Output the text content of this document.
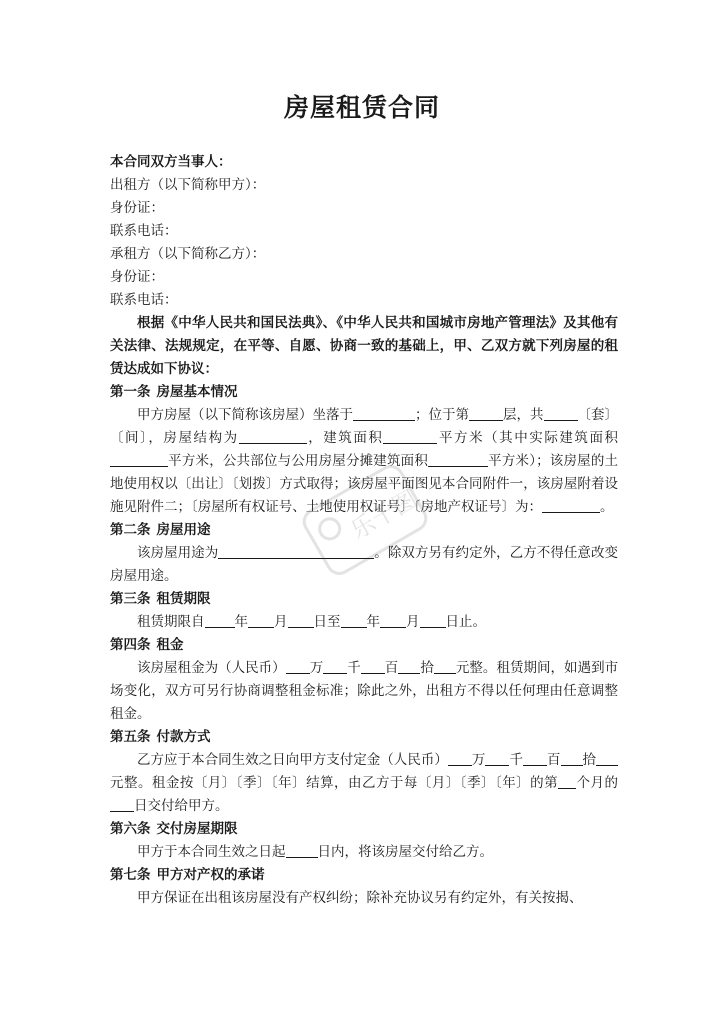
房屋租赁合同
本合同双方当事人：
出租方（以下简称甲方）：
身份证：
联系电话：
承租方（以下简称乙方）：
身份证：
联系电话：
根据《中华人民共和国民法典》、《中华人民共和国城市房地产管理法》及其他有关法律、法规规定，在平等、自愿、协商一致的基础上，甲、乙双方就下列房屋的租赁达成如下协议：
第一条 房屋基本情况
甲方房屋（以下简称该房屋）坐落于	；位于第	层，共	〔套〕〔间〕，房屋结构为	，建筑面积	平方米（其中实际建筑面积平方米，公共部位与公用房屋分摊建筑面积	平方米）；该房屋的土地使用权以〔出让〕〔划拨〕方式取得；该房屋平面图见本合同附件一，该房屋附着设施见附件二；〔房屋所有权证号、土地使用权证号〕〔房地产权证号〕为：	。
第二条 房屋用途
该房屋用途为	。除双方另有约定外，乙方不得任意改变房屋用途。
第三条 租赁期限
租赁期限自 年 月 日至 年 月 日止。
第四条 租金
该房屋租金为（人民币） 万 千 百 拾 元整。租赁期间，如遇到市场变化，双方可另行协商调整租金标准；除此之外，出租方不得以任何理由任意调整租金。
第五条 付款方式
乙方应于本合同生效之日向甲方支付定金（人民币） 万 千 百 拾元整。租金按〔月〕〔季〕〔年〕结算，由乙方于每〔月〕〔季〕〔年〕的第 个月的日交付给甲方。
第六条 交付房屋期限
甲方于本合同生效之日起 日内，将该房屋交付给乙方。
第七条 甲方对产权的承诺
甲方保证在出租该房屋没有产权纠纷；除补充协议另有约定外，有关按揭、
乐千图
